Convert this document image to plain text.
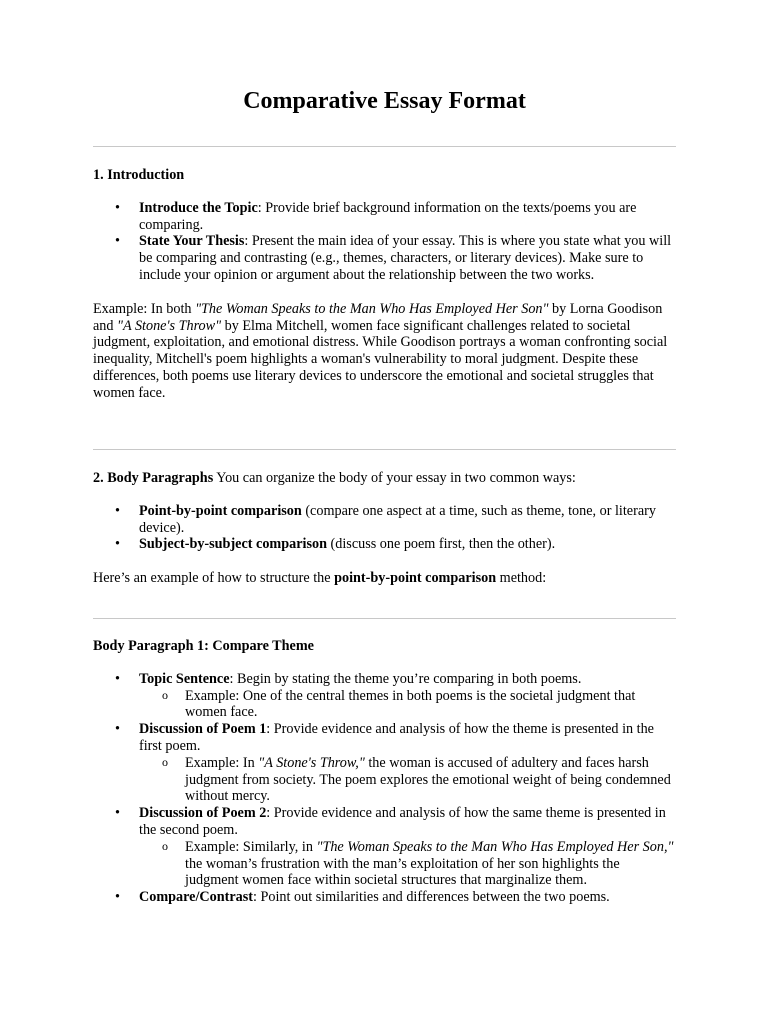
Comparative Essay Format

1. Introduction

• Introduce the Topic: Provide brief background information on the texts/poems you are comparing.
• State Your Thesis: Present the main idea of your essay. This is where you state what you will be comparing and contrasting (e.g., themes, characters, or literary devices). Make sure to include your opinion or argument about the relationship between the two works.

Example: In both "The Woman Speaks to the Man Who Has Employed Her Son" by Lorna Goodison and "A Stone's Throw" by Elma Mitchell, women face significant challenges related to societal judgment, exploitation, and emotional distress. While Goodison portrays a woman confronting social inequality, Mitchell's poem highlights a woman's vulnerability to moral judgment. Despite these differences, both poems use literary devices to underscore the emotional and societal struggles that women face.

2. Body Paragraphs You can organize the body of your essay in two common ways:

• Point-by-point comparison (compare one aspect at a time, such as theme, tone, or literary device).
• Subject-by-subject comparison (discuss one poem first, then the other).

Here’s an example of how to structure the point-by-point comparison method:

Body Paragraph 1: Compare Theme

• Topic Sentence: Begin by stating the theme you’re comparing in both poems.
o Example: One of the central themes in both poems is the societal judgment that women face.
• Discussion of Poem 1: Provide evidence and analysis of how the theme is presented in the first poem.
o Example: In "A Stone's Throw," the woman is accused of adultery and faces harsh judgment from society. The poem explores the emotional weight of being condemned without mercy.
• Discussion of Poem 2: Provide evidence and analysis of how the same theme is presented in the second poem.
o Example: Similarly, in "The Woman Speaks to the Man Who Has Employed Her Son," the woman’s frustration with the man’s exploitation of her son highlights the judgment women face within societal structures that marginalize them.
• Compare/Contrast: Point out similarities and differences between the two poems.
